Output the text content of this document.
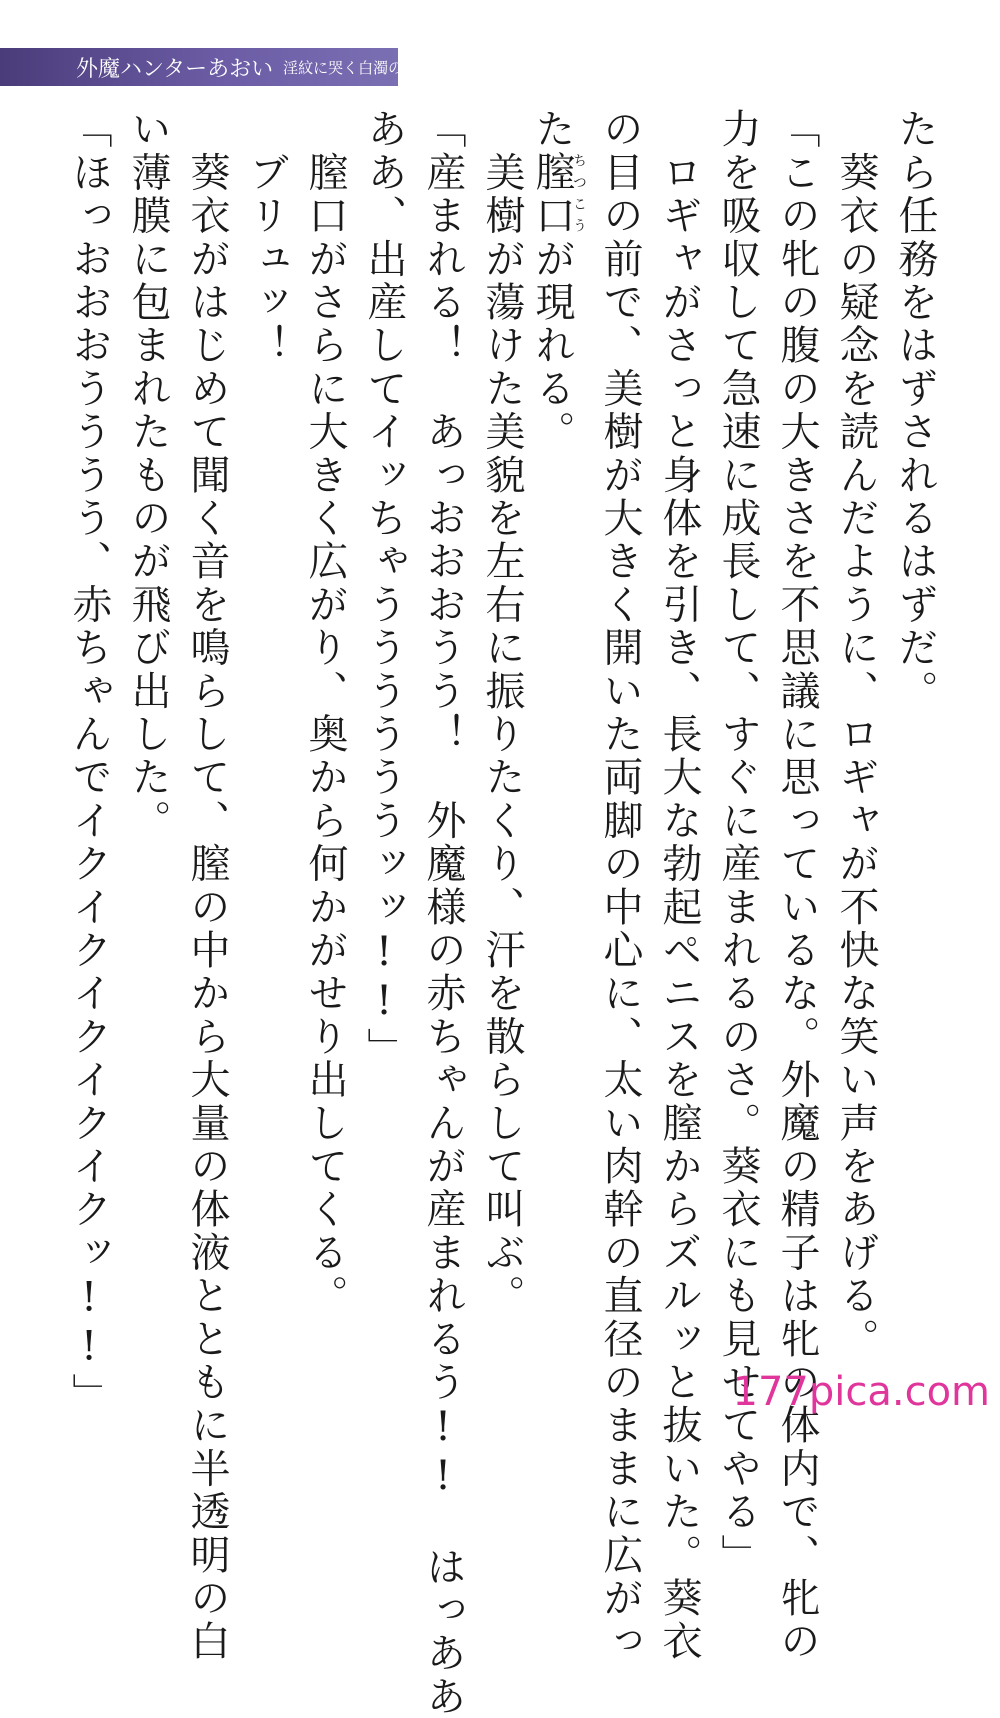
外魔ハンターあおい 淫紋に哭く白濁の夜
たら任務をはずされるはずだ。
　葵衣の疑念を読んだように、ロギャが不快な笑い声をあげる。
「この牝の腹の大きさを不思議に思っているな。外魔の精子は牝の体内で、牝の
力を吸収して急速に成長して、すぐに産まれるのさ。葵衣にも見せてやる」
　ロギャがさっと身体を引き、長大な勃起ペニスを膣からズルッと抜いた。葵衣
の目の前で、美樹が大きく開いた両脚の中心に、太い肉幹の直径のままに広がっ
た膣口ちつこうが現れる。
　美樹が蕩けた美貌を左右に振りたくり、汗を散らして叫ぶ。
「産まれる！　あっおおおうう！　外魔様の赤ちゃんが産まれるう!!　はっああ
ああ、出産してイッちゃううううううッッ!!」
　膣口がさらに大きく広がり、奥から何かがせり出してくる。
　ブリュッ！
　葵衣がはじめて聞く音を鳴らして、膣の中から大量の体液とともに半透明の白
い薄膜に包まれたものが飛び出した。
「ほっおおおうううう、赤ちゃんでイクイクイクイクイクッ!!」	177pica.com
